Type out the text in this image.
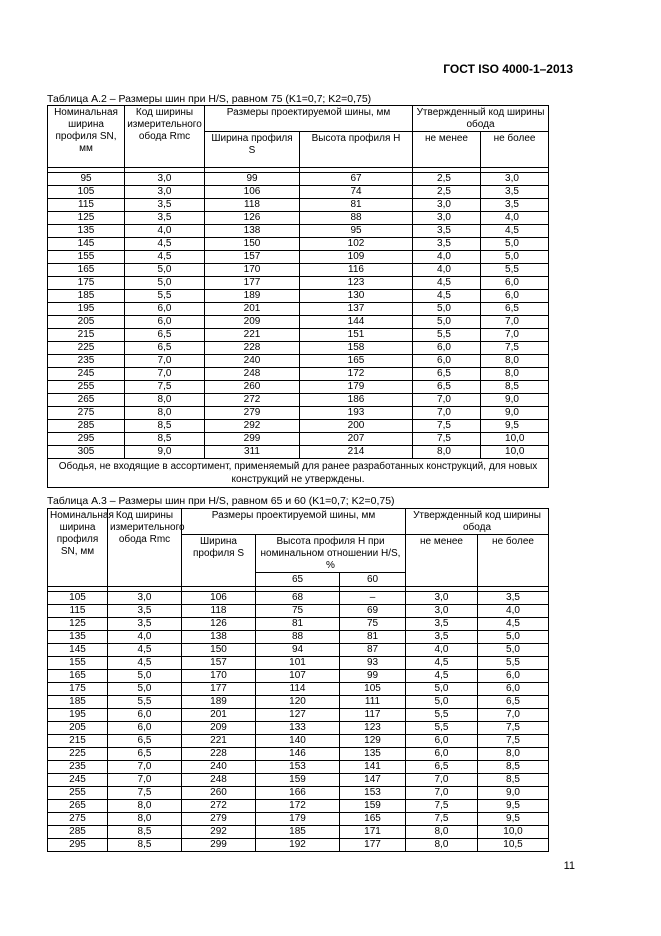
ГОСТ ISO 4000-1–2013
Таблица А.2 – Размеры шин при H/S, равном 75 (K1=0,7; K2=0,75)
Номинальная ширина профиля SN, мм	Код ширины измерительного обода Rmc	Размеры проектируемой шины, мм		Утвержденный код ширины обода	
		Ширина профиля S	Высота профиля H	не менее	не более

95	3,0	99	67	2,5	3,0
105	3,0	106	74	2,5	3,5
115	3,5	118	81	3,0	3,5
125	3,5	126	88	3,0	4,0
135	4,0	138	95	3,5	4,5
145	4,5	150	102	3,5	5,0
155	4,5	157	109	4,0	5,0
165	5,0	170	116	4,0	5,5
175	5,0	177	123	4,5	6,0
185	5,5	189	130	4,5	6,0
195	6,0	201	137	5,0	6,5
205	6,0	209	144	5,0	7,0
215	6,5	221	151	5,5	7,0
225	6,5	228	158	6,0	7,5
235	7,0	240	165	6,0	8,0
245	7,0	248	172	6,5	8,0
255	7,5	260	179	6,5	8,5
265	8,0	272	186	7,0	9,0
275	8,0	279	193	7,0	9,0
285	8,5	292	200	7,5	9,5
295	8,5	299	207	7,5	10,0
305	9,0	311	214	8,0	10,0
Ободья, не входящие в ассортимент, применяемый для ранее разработанных конструкций, для новых конструкций не утверждены.					
Таблица А.3 – Размеры шин при H/S, равном 65 и 60 (K1=0,7; K2=0,75)
Номинальная ширина профиля SN, мм	Код ширины измерительного обода Rmc	Размеры проектируемой шины, мм			Утвержденный код ширины обода	
		Ширина профиля S	Высота профиля H при номинальном отношении H/S, %		не менее	не более
			65	60		

105	3,0	106	68	–	3,0	3,5
115	3,5	118	75	69	3,0	4,0
125	3,5	126	81	75	3,5	4,5
135	4,0	138	88	81	3,5	5,0
145	4,5	150	94	87	4,0	5,0
155	4,5	157	101	93	4,5	5,5
165	5,0	170	107	99	4,5	6,0
175	5,0	177	114	105	5,0	6,0
185	5,5	189	120	111	5,0	6,5
195	6,0	201	127	117	5,5	7,0
205	6,0	209	133	123	5,5	7,5
215	6,5	221	140	129	6,0	7,5
225	6,5	228	146	135	6,0	8,0
235	7,0	240	153	141	6,5	8,5
245	7,0	248	159	147	7,0	8,5
255	7,5	260	166	153	7,0	9,0
265	8,0	272	172	159	7,5	9,5
275	8,0	279	179	165	7,5	9,5
285	8,5	292	185	171	8,0	10,0
295	8,5	299	192	177	8,0	10,5
11
